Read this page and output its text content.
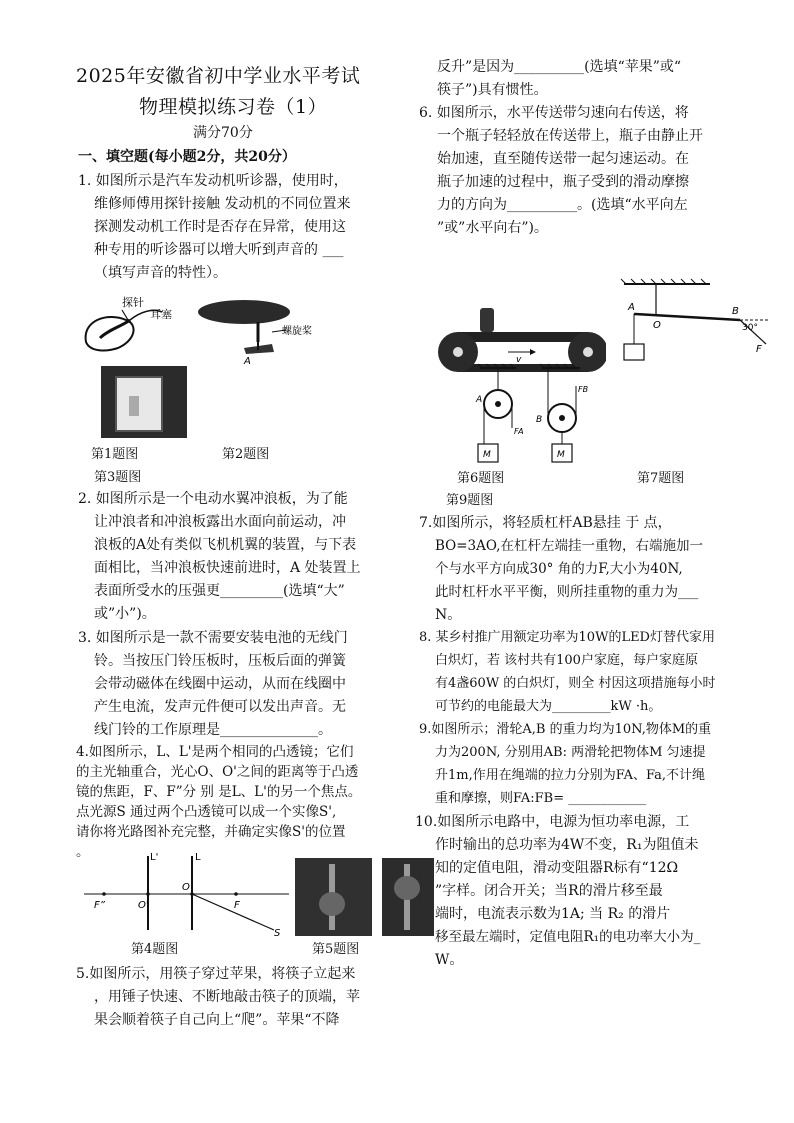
2025年安徽省初中学业水平考试
物理模拟练习卷（1）
满分70分
一、填空题(每小题2分，共20分）
1. 如图所示是汽车发动机听诊器，使用时，
维修师傅用探针接触 发动机的不同位置来
探测发动机工作时是否存在异常，使用这
种专用的听诊器可以增大听到声音的 ___
（填写声音的特性）。
探针
耳塞
螺旋桨
A
第1题图	第2题图
第3题图
2. 如图所示是一个电动水翼冲浪板，为了能
让冲浪者和冲浪板露出水面向前运动，冲
浪板的A处有类似飞机机翼的装置，与下表
面相比，当冲浪板快速前进时，A 处装置上
表面所受水的压强更_________(选填“大”
或”小”)。
3. 如图所示是一款不需要安装电池的无线门
铃。当按压门铃压板时，压板后面的弹簧
会带动磁体在线圈中运动，从而在线圈中
产生电流，发声元件便可以发出声音。无
线门铃的工作原理是______________。
4.如图所示，L、L'是两个相同的凸透镜；它们
的主光轴重合，光心O、O'之间的距离等于凸透
镜的焦距，F、F”分 别 是L、L'的另一个焦点。
点光源S 通过两个凸透镜可以成一个实像S',
请你将光路图补充完整，并确定实像S'的位置
。	L'	L
F”	O'
O
F
S
第4题图	第5题图
5.如图所示，用筷子穿过苹果，将筷子立起来
，用锤子快速、不断地敲击筷子的顶端，苹
果会顺着筷子自己向上“爬”。苹果“不降
反升”是因为__________(选填“苹果”或“
筷子”)具有惯性。
6. 如图所示，水平传送带匀速向右传送，将
一个瓶子轻轻放在传送带上，瓶子由静止开
始加速，直至随传送带一起匀速运动。在
瓶子加速的过程中，瓶子受到的滑动摩擦
力的方向为__________。(选填“水平向左
”或”水平向右”)。
v
A
O
B
30°
F
A
B
FA
FB
M	M
第6题图	第7题图
第9题图
7.如图所示，将轻质杠杆AB悬挂 于 点，
BO=3AO,在杠杆左端挂一重物，右端施加一
个与水平方向成30° 角的力F,大小为40N,
此时杠杆水平平衡，则所挂重物的重力为___
N。
8. 某乡村推广用额定功率为10W的LED灯替代家用
白炽灯，若 该村共有100户家庭，每户家庭原
有4盏60W 的白炽灯，则全 村因这项措施每小时
可节约的电能最大为_________kW ·h。
9.如图所示；滑轮A,B 的重力均为10N,物体M的重
力为200N, 分别用AB: 两滑轮把物体M 匀速提
升1m,作用在绳端的拉力分别为FA、Fa,不计绳
重和摩擦，则FA:FB= ____________
10.如图所示电路中，电源为恒功率电源，工
作时输出的总功率为4W不变，R₁为阻值未
知的定值电阻，滑动变阻器R标有“12Ω
”字样。闭合开关；当R的滑片移至最
端时，电流表示数为1A; 当 R₂ 的滑片
移至最左端时，定值电阻R₁的电功率大小为_
W。
